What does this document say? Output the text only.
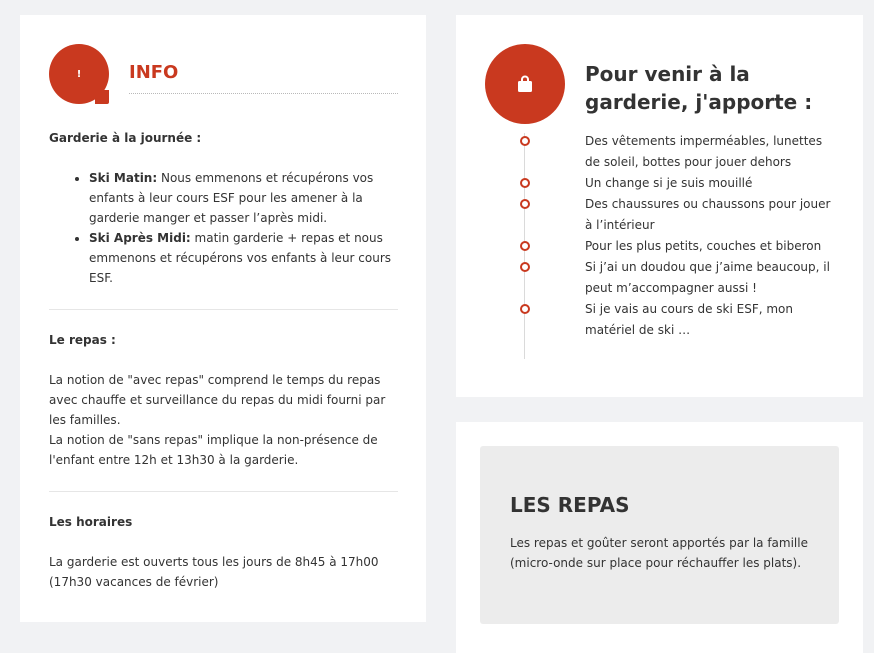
!	INFO

Garderie à la journée :

• Ski Matin: Nous emmenons et récupérons vos enfants à leur cours ESF pour les amener à la garderie manger et passer l’après midi.
• Ski Après Midi: matin garderie + repas et nous emmenons et récupérons vos enfants à leur cours ESF.

Le repas :

La notion de "avec repas" comprend le temps du repas avec chauffe et surveillance du repas du midi fourni par les familles.

La notion de "sans repas" implique la non-présence de l'enfant entre 12h et 13h30 à la garderie.

Les horaires

La garderie est ouverts tous les jours de 8h45 à 17h00 (17h30 vacances de février)

Pour venir à la garderie, j'apporte :
Des vêtements imperméables, lunettes de soleil, bottes pour jouer dehors
Un change si je suis mouillé
Des chaussures ou chaussons pour jouer à l’intérieur
Pour les plus petits, couches et biberon
Si j’ai un doudou que j’aime beaucoup, il peut m’accompagner aussi !
Si je vais au cours de ski ESF, mon matériel de ski …
LES REPAS

Les repas et goûter seront apportés par la famille (micro-onde sur place pour réchauffer les plats).
